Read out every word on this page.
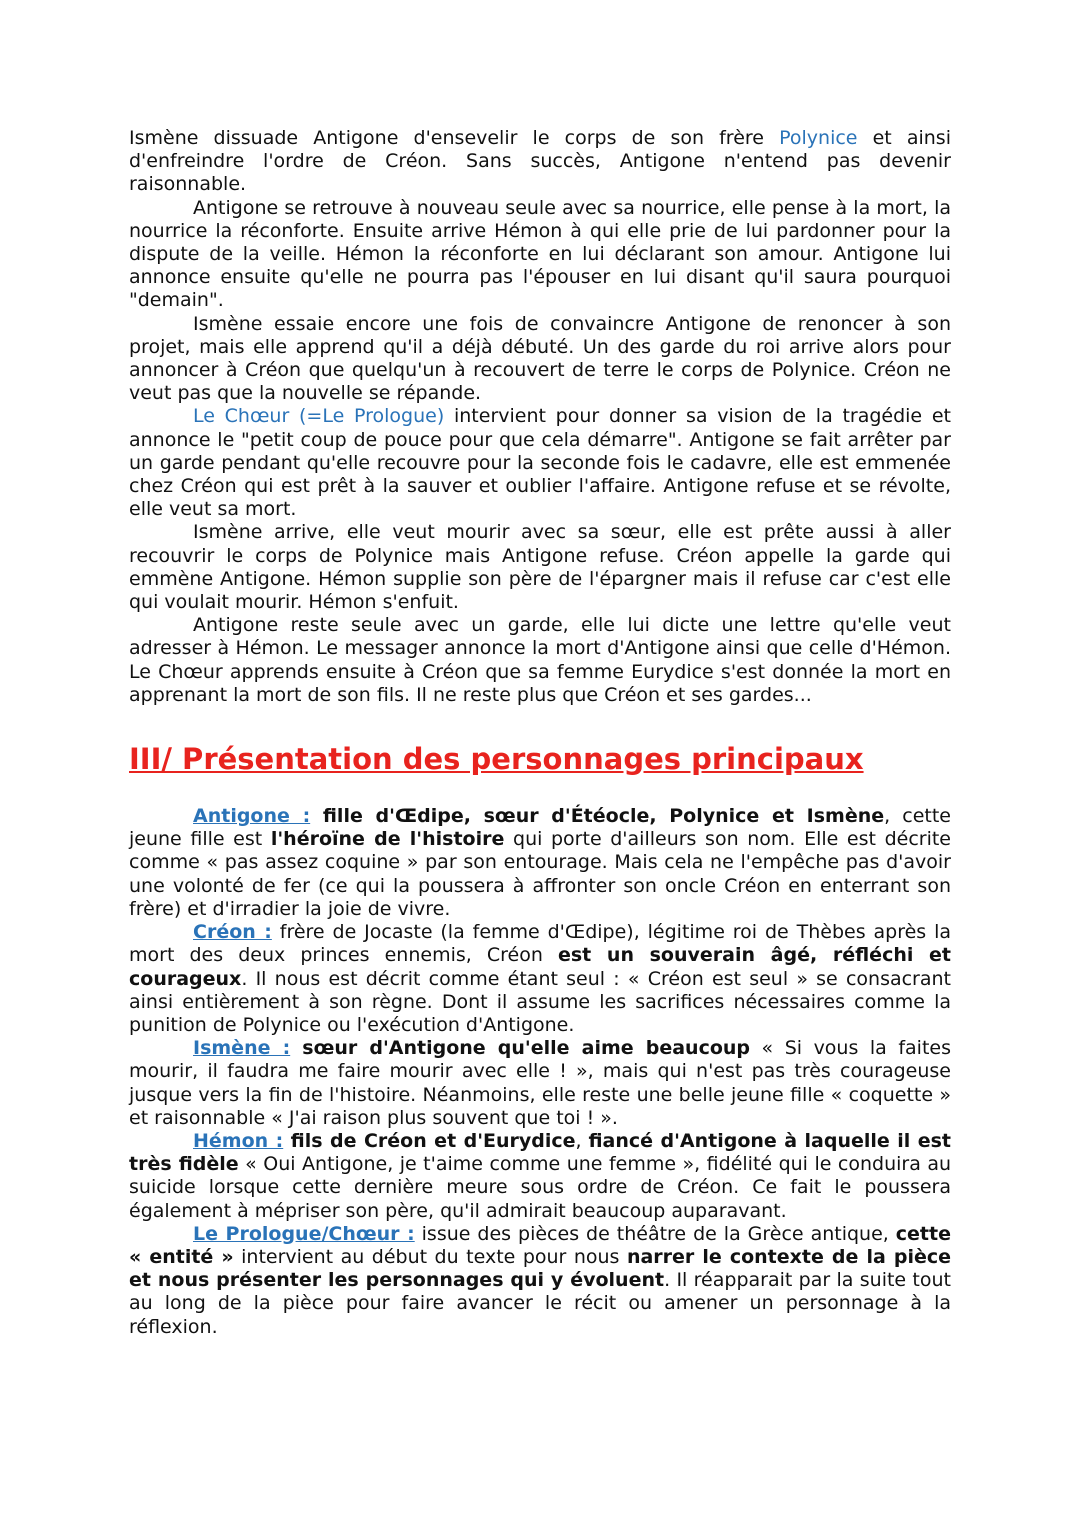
Ismène dissuade Antigone d'ensevelir le corps de son frère Polynice et ainsi d'enfreindre l'ordre de Créon. Sans succès, Antigone n'entend pas devenir raisonnable.

Antigone se retrouve à nouveau seule avec sa nourrice, elle pense à la mort, la nourrice la réconforte. Ensuite arrive Hémon à qui elle prie de lui pardonner pour la dispute de la veille. Hémon la réconforte en lui déclarant son amour. Antigone lui annonce ensuite qu'elle ne pourra pas l'épouser en lui disant qu'il saura pourquoi "demain".

Ismène essaie encore une fois de convaincre Antigone de renoncer à son projet, mais elle apprend qu'il a déjà débuté. Un des garde du roi arrive alors pour annoncer à Créon que quelqu'un à recouvert de terre le corps de Polynice. Créon ne veut pas que la nouvelle se répande.

Le Chœur (=Le Prologue) intervient pour donner sa vision de la tragédie et annonce le "petit coup de pouce pour que cela démarre". Antigone se fait arrêter par un garde pendant qu'elle recouvre pour la seconde fois le cadavre, elle est emmenée chez Créon qui est prêt à la sauver et oublier l'affaire. Antigone refuse et se révolte, elle veut sa mort.

Ismène arrive, elle veut mourir avec sa sœur, elle est prête aussi à aller recouvrir le corps de Polynice mais Antigone refuse. Créon appelle la garde qui emmène Antigone. Hémon supplie son père de l'épargner mais il refuse car c'est elle qui voulait mourir. Hémon s'enfuit.

Antigone reste seule avec un garde, elle lui dicte une lettre qu'elle veut adresser à Hémon. Le messager annonce la mort d'Antigone ainsi que celle d'Hémon. Le Chœur apprends ensuite à Créon que sa femme Eurydice s'est donnée la mort en apprenant la mort de son fils. Il ne reste plus que Créon et ses gardes...

III/ Présentation des personnages principaux

Antigone : fille d'Œdipe, sœur d'Étéocle, Polynice et Ismène, cette jeune fille est l'héroïne de l'histoire qui porte d'ailleurs son nom. Elle est décrite comme « pas assez coquine » par son entourage. Mais cela ne l'empêche pas d'avoir une volonté de fer (ce qui la poussera à affronter son oncle Créon en enterrant son frère) et d'irradier la joie de vivre.

Créon : frère de Jocaste (la femme d'Œdipe), légitime roi de Thèbes après la mort des deux princes ennemis, Créon est un souverain âgé, réfléchi et courageux. Il nous est décrit comme étant seul : « Créon est seul » se consacrant ainsi entièrement à son règne. Dont il assume les sacrifices nécessaires comme la punition de Polynice ou l'exécution d'Antigone.

Ismène : sœur d'Antigone qu'elle aime beaucoup « Si vous la faites mourir, il faudra me faire mourir avec elle ! », mais qui n'est pas très courageuse jusque vers la fin de l'histoire. Néanmoins, elle reste une belle jeune fille « coquette » et raisonnable « J'ai raison plus souvent que toi ! ».

Hémon : fils de Créon et d'Eurydice, fiancé d'Antigone à laquelle il est très fidèle « Oui Antigone, je t'aime comme une femme », fidélité qui le conduira au suicide lorsque cette dernière meure sous ordre de Créon. Ce fait le poussera également à mépriser son père, qu'il admirait beaucoup auparavant.

Le Prologue/Chœur : issue des pièces de théâtre de la Grèce antique, cette « entité » intervient au début du texte pour nous narrer le contexte de la pièce et nous présenter les personnages qui y évoluent. Il réapparait par la suite tout au long de la pièce pour faire avancer le récit ou amener un personnage à la réflexion.
